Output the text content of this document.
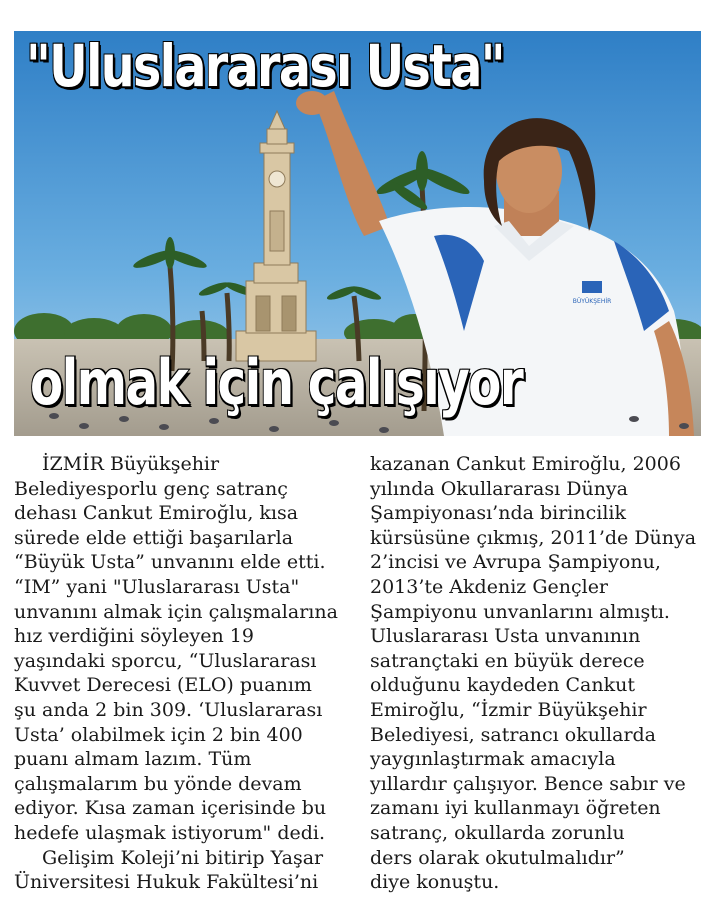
BÜYÜKŞEHİR
"Uluslararası Usta"
olmak için çalışıyor
İZMİR Büyükşehir
Belediyesporlu genç satranç
dehası Cankut Emiroğlu, kısa
sürede elde ettiği başarılarla
“Büyük Usta” unvanını elde etti.
“IM” yani "Uluslararası Usta"
unvanını almak için çalışmalarına
hız verdiğini söyleyen 19
yaşındaki sporcu, “Uluslararası
Kuvvet Derecesi (ELO) puanım
şu anda 2 bin 309. ‘Uluslararası
Usta’ olabilmek için 2 bin 400
puanı almam lazım. Tüm
çalışmalarım bu yönde devam
ediyor. Kısa zaman içerisinde bu
hedefe ulaşmak istiyorum" dedi.
Gelişim Koleji’ni bitirip Yaşar
Üniversitesi Hukuk Fakültesi’ni
kazanan Cankut Emiroğlu, 2006
yılında Okullararası Dünya
Şampiyonası’nda birincilik
kürsüsüne çıkmış, 2011’de Dünya
2’incisi ve Avrupa Şampiyonu,
2013’te Akdeniz Gençler
Şampiyonu unvanlarını almıştı.
Uluslararası Usta unvanının
satrançtaki en büyük derece
olduğunu kaydeden Cankut
Emiroğlu, “İzmir Büyükşehir
Belediyesi, satrancı okullarda
yaygınlaştırmak amacıyla
yıllardır çalışıyor. Bence sabır ve
zamanı iyi kullanmayı öğreten
satranç, okullarda zorunlu
ders olarak okutulmalıdır”
diye konuştu.
